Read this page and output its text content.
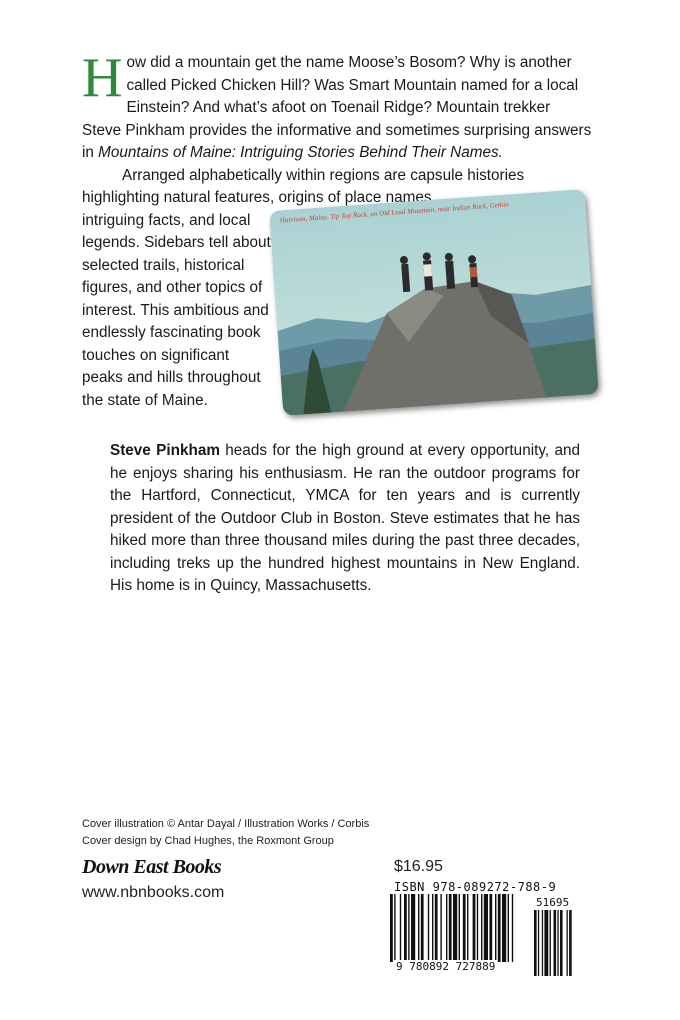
How did a mountain get the name Moose’s Bosom? Why is another called Picked Chicken Hill? Was Smart Mountain named for a local Einstein? And what’s afoot on Toenail Ridge? Mountain trekker Steve Pinkham provides the informative and sometimes surprising answers in Mountains of Maine: Intriguing Stories Behind Their Names.

Arranged alphabetically within regions are capsule histories highlighting natural features, origins of place names,

intriguing facts, and local legends. Sidebars tell about selected trails, historical figures, and other topics of interest. This ambitious and endlessly fascinating book touches on significant peaks and hills throughout the state of Maine.

Harrison, Maine. Tip Top Rock, on Old Lead Mountain, near Indian Rock, Gethin
Steve Pinkham heads for the high ground at every opportunity, and he enjoys sharing his enthusiasm. He ran the outdoor programs for the Hartford, Connecticut, YMCA for ten years and is currently president of the Outdoor Club in Boston. Steve estimates that he has hiked more than three thousand miles during the past three decades, including treks up the hundred highest mountains in New England. His home is in Quincy, Massachusetts.
Cover illustration © Antar Dayal / Illustration Works / Corbis
Cover design by Chad Hughes, the Roxmont Group
Down East Books
www.nbnbooks.com
$16.95
ISBN 978-089272-788-9
9 780892 727889
51695
